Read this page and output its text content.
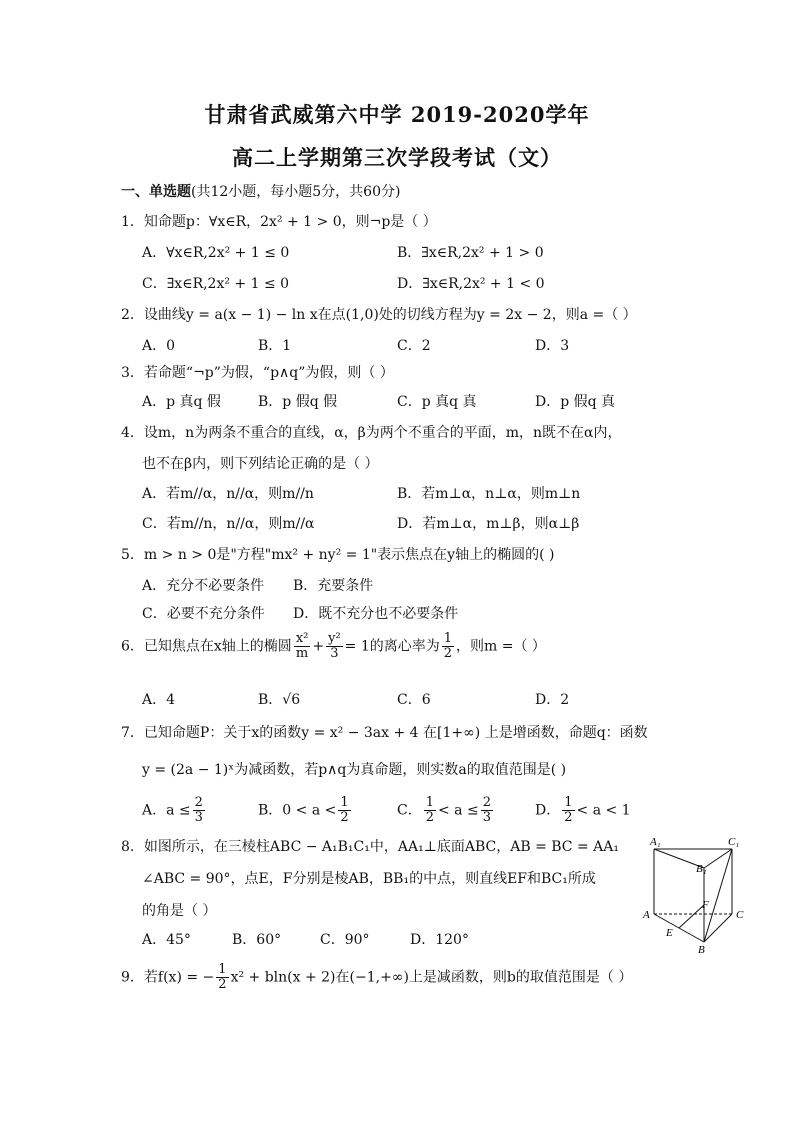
甘肃省武威第六中学 2019-2020学年
高二上学期第三次学段考试（文）
一、单选题(共12小题，每小题5分，共60分)
1．知命题p：∀x∈R，2x² + 1 > 0，则¬p是（ ）
A．∀x∈R,2x² + 1 ≤ 0	B．∃x∈R,2x² + 1 > 0
C．∃x∈R,2x² + 1 ≤ 0	D．∃x∈R,2x² + 1 < 0
2．设曲线y = a(x − 1) − ln x在点(1,0)处的切线方程为y = 2x − 2，则a =（ ）
A．0	B．1	C．2	D．3
3．若命题“¬p”为假，“p∧q”为假，则（ ）
A．p 真q 假	B．p 假q 假	C．p 真q 真	D．p 假q 真
4．设m，n为两条不重合的直线，α，β为两个不重合的平面，m，n既不在α内，
也不在β内，则下列结论正确的是（ ）
A．若m//α，n//α，则m//n	B．若m⊥α，n⊥α，则m⊥n
C．若m//n，n//α，则m//α	D．若m⊥α，m⊥β，则α⊥β
5．m > n > 0是"方程"mx² + ny² = 1"表示焦点在y轴上的椭圆的( )
A．充分不必要条件 B．充要条件
C．必要不充分条件 D．既不充分也不必要条件
6．已知焦点在x轴上的椭圆 $\frac{\text{x²}}{m} + \frac{\text{y²}}{3} = 1$的离心率为 $\frac{1}{2}$ ，则m =（ ）
A．4	B．√6	C．6	D．2
7．已知命题P：关于x的函数y = x² − 3ax + 4 在[1+∞) 上是增函数，命题q：函数
y = (2a − 1)ˣ为减函数，若p∧q为真命题，则实数a的取值范围是( )
A．$a \le \frac{2}{3}$	B．$0 < a < \frac{1}{2}$	C． $\frac{1}{2} < a \le \frac{2}{3}$	D． $\frac{1}{2} < a < 1$
8．如图所示，在三棱柱ABC − A₁B₁C₁中，AA₁⊥底面ABC，AB = BC = AA₁
∠ABC = 90°，点E，F分别是棱AB，BB₁的中点，则直线EF和BC₁所成
的角是（ ）
A．45°	B．60°	C．90°	D．120°
A₁	C₁
B₁
F
A	C
E
B
9．若f(x) = − $\frac{1}{2} x^2 + bln(x + 2)$在(−1,+∞)上是减函数，则b的取值范围是（ ）
